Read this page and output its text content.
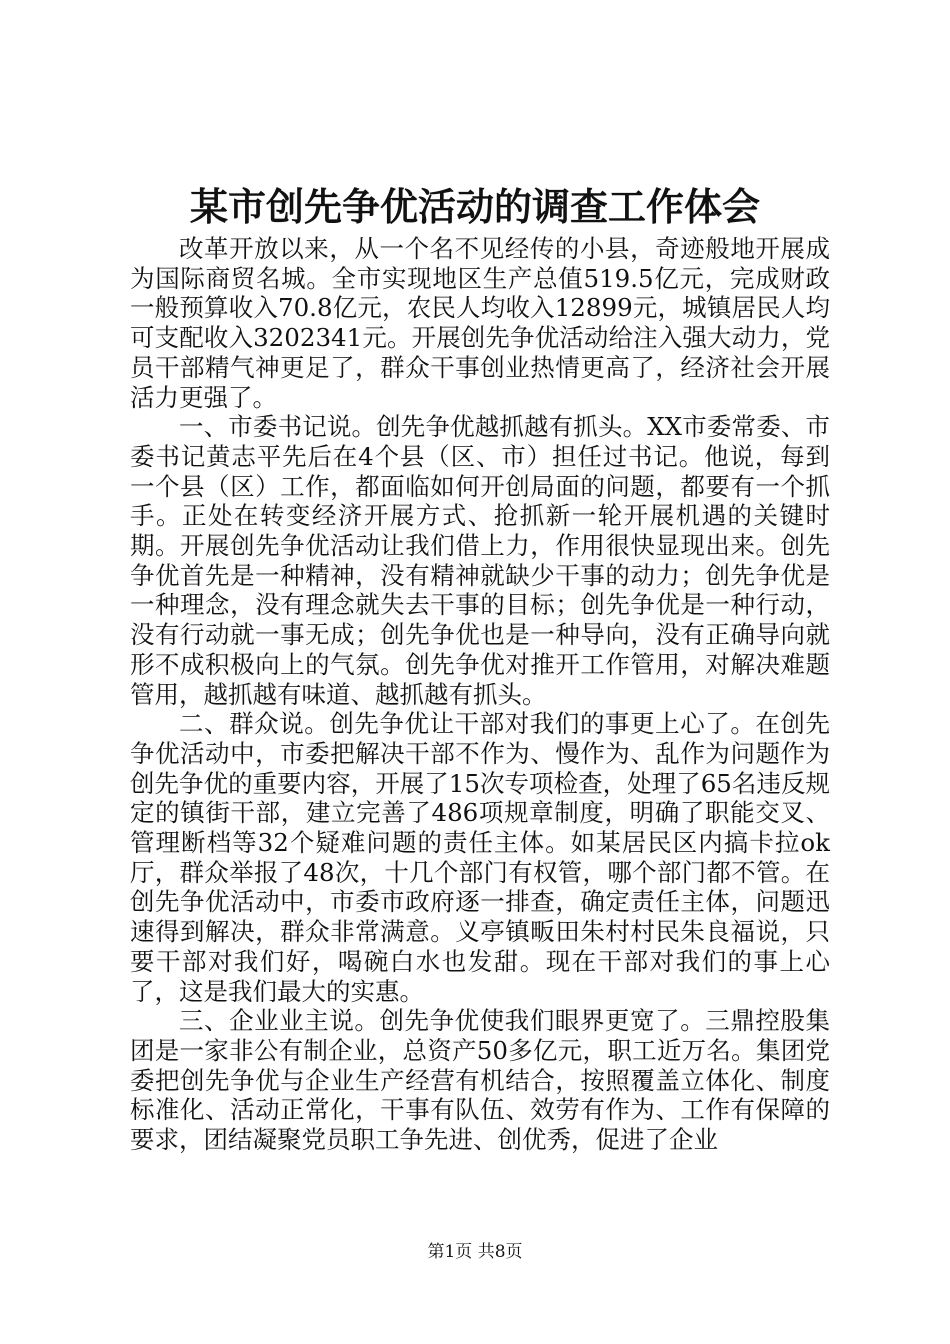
某市创先争优活动的调查工作体会

改革开放以来，从一个名不见经传的小县，奇迹般地开展成为国际商贸名城。全市实现地区生产总值519.5亿元，完成财政一般预算收入70.8亿元，农民人均收入12899元，城镇居民人均可支配收入3202341元。开展创先争优活动给注入强大动力，党员干部精气神更足了，群众干事创业热情更高了，经济社会开展活力更强了。

一、市委书记说。创先争优越抓越有抓头。XX市委常委、市委书记黄志平先后在4个县（区、市）担任过书记。他说，每到一个县（区）工作，都面临如何开创局面的问题，都要有一个抓手。正处在转变经济开展方式、抢抓新一轮开展机遇的关键时期。开展创先争优活动让我们借上力，作用很快显现出来。创先争优首先是一种精神，没有精神就缺少干事的动力；创先争优是一种理念，没有理念就失去干事的目标；创先争优是一种行动，没有行动就一事无成；创先争优也是一种导向，没有正确导向就形不成积极向上的气氛。创先争优对推开工作管用，对解决难题管用，越抓越有味道、越抓越有抓头。

二、群众说。创先争优让干部对我们的事更上心了。在创先争优活动中，市委把解决干部不作为、慢作为、乱作为问题作为创先争优的重要内容，开展了15次专项检查，处理了65名违反规定的镇街干部，建立完善了486项规章制度，明确了职能交叉、管理断档等32个疑难问题的责任主体。如某居民区内搞卡拉ok厅，群众举报了48次，十几个部门有权管，哪个部门都不管。在创先争优活动中，市委市政府逐一排查，确定责任主体，问题迅速得到解决，群众非常满意。义亭镇畈田朱村村民朱良福说，只要干部对我们好，喝碗白水也发甜。现在干部对我们的事上心了，这是我们最大的实惠。

三、企业业主说。创先争优使我们眼界更宽了。三鼎控股集团是一家非公有制企业，总资产50多亿元，职工近万名。集团党委把创先争优与企业生产经营有机结合，按照覆盖立体化、制度标准化、活动正常化，干事有队伍、效劳有作为、工作有保障的要求，团结凝聚党员职工争先进、创优秀，促进了企业

第1页 共8页
